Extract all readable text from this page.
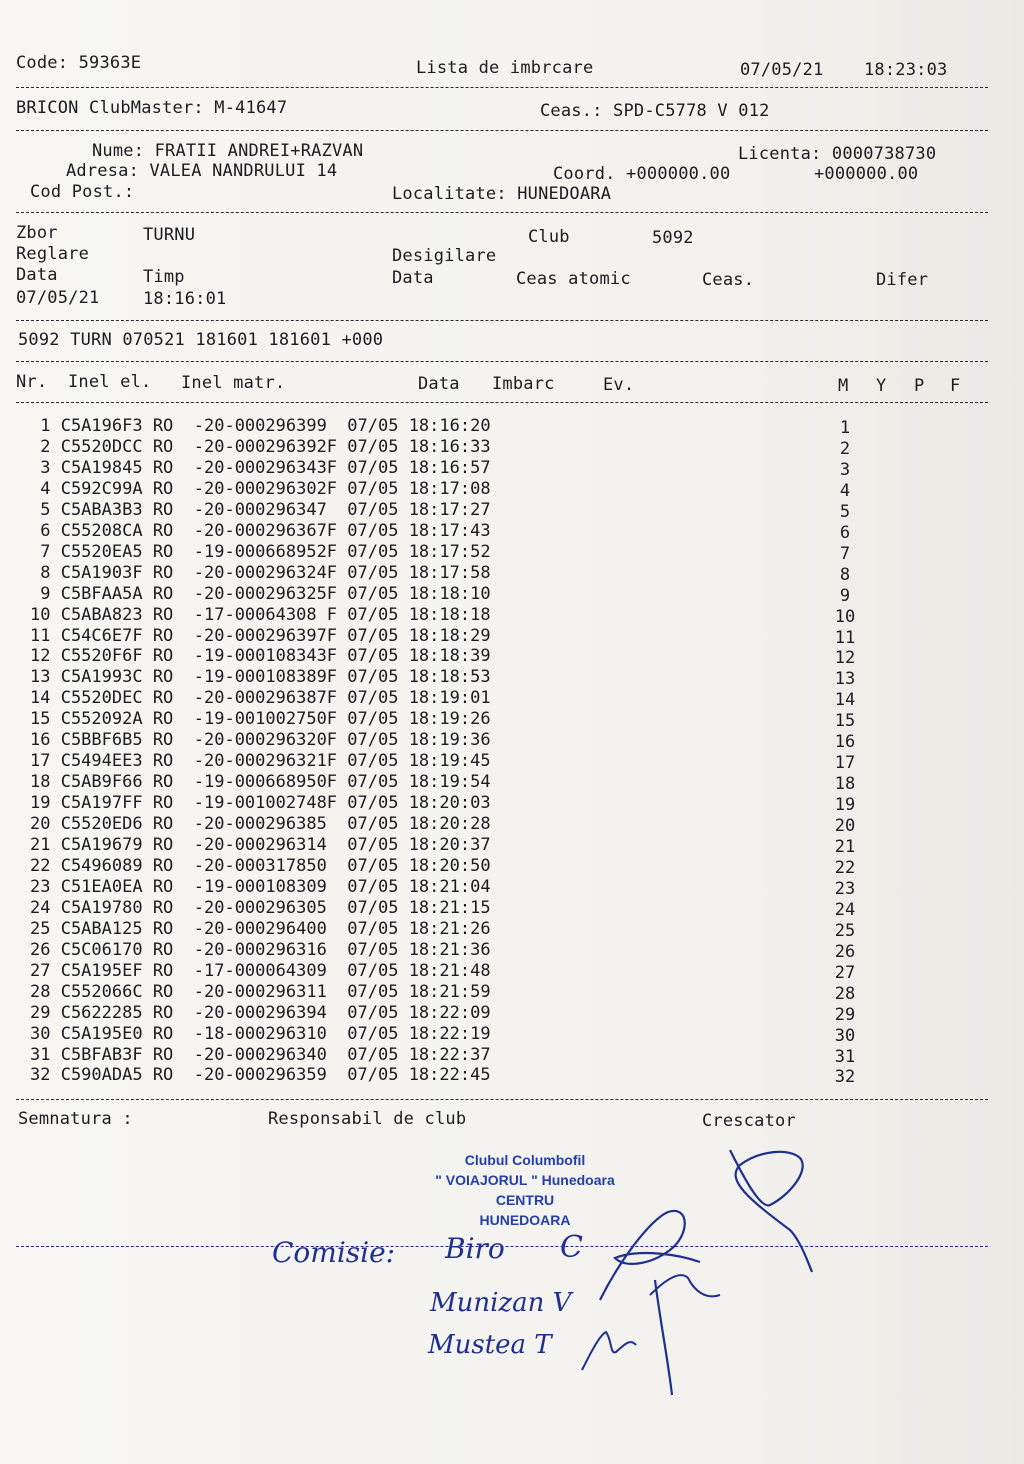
Code: 59363E	Lista de imbrcare	07/05/21 18:23:03
BRICON ClubMaster: M-41647	Ceas.: SPD-C5778 V 012
Nume: FRATII ANDREI+RAZVAN	Licenta: 0000738730
Adresa: VALEA NANDRULUI 14	Coord. +000000.00	+000000.00
Cod Post.:	Localitate: HUNEDOARA
Zbor	TURNU	Club	5092
Reglare	Desigilare
Data	Timp	Data	Ceas atomic	Ceas.	Difer
07/05/21	18:16:01
5092 TURN 070521 181601 181601 +000
Nr. Inel el. Inel matr.	Data Imbarc	Ev.	M Y P F
1 C5A196F3 RO  -20-000296399  07/05 18:16:20	1
2 C5520DCC RO  -20-000296392F 07/05 18:16:33	2
3 C5A19845 RO  -20-000296343F 07/05 18:16:57	3
4 C592C99A RO  -20-000296302F 07/05 18:17:08	4
5 C5ABA3B3 RO  -20-000296347  07/05 18:17:27	5
6 C55208CA RO  -20-000296367F 07/05 18:17:43	6
7 C5520EA5 RO  -19-000668952F 07/05 18:17:52	7
8 C5A1903F RO  -20-000296324F 07/05 18:17:58	8
9 C5BFAA5A RO  -20-000296325F 07/05 18:18:10	9
10 C5ABA823 RO  -17-00064308 F 07/05 18:18:18	10
11 C54C6E7F RO  -20-000296397F 07/05 18:18:29	11
12 C5520F6F RO  -19-000108343F 07/05 18:18:39	12
13 C5A1993C RO  -19-000108389F 07/05 18:18:53	13
14 C5520DEC RO  -20-000296387F 07/05 18:19:01	14
15 C552092A RO  -19-001002750F 07/05 18:19:26	15
16 C5BBF6B5 RO  -20-000296320F 07/05 18:19:36	16
17 C5494EE3 RO  -20-000296321F 07/05 18:19:45	17
18 C5AB9F66 RO  -19-000668950F 07/05 18:19:54	18
19 C5A197FF RO  -19-001002748F 07/05 18:20:03	19
20 C5520ED6 RO  -20-000296385  07/05 18:20:28	20
21 C5A19679 RO  -20-000296314  07/05 18:20:37	21
22 C5496089 RO  -20-000317850  07/05 18:20:50	22
23 C51EA0EA RO  -19-000108309  07/05 18:21:04	23
24 C5A19780 RO  -20-000296305  07/05 18:21:15	24
25 C5ABA125 RO  -20-000296400  07/05 18:21:26	25
26 C5C06170 RO  -20-000296316  07/05 18:21:36	26
27 C5A195EF RO  -17-000064309  07/05 18:21:48	27
28 C552066C RO  -20-000296311  07/05 18:21:59	28
29 C5622285 RO  -20-000296394  07/05 18:22:09	29
30 C5A195E0 RO  -18-000296310  07/05 18:22:19	30
31 C5BFAB3F RO  -20-000296340  07/05 18:22:37	31
32 C590ADA5 RO  -20-000296359  07/05 18:22:45	32
Semnatura :	Responsabil de club	Crescator
Clubul Columbofil
" VOIAJORUL " Hunedoara
CENTRU
HUNEDOARA
Comisie: Biro C
Munizan V
Mustea T
